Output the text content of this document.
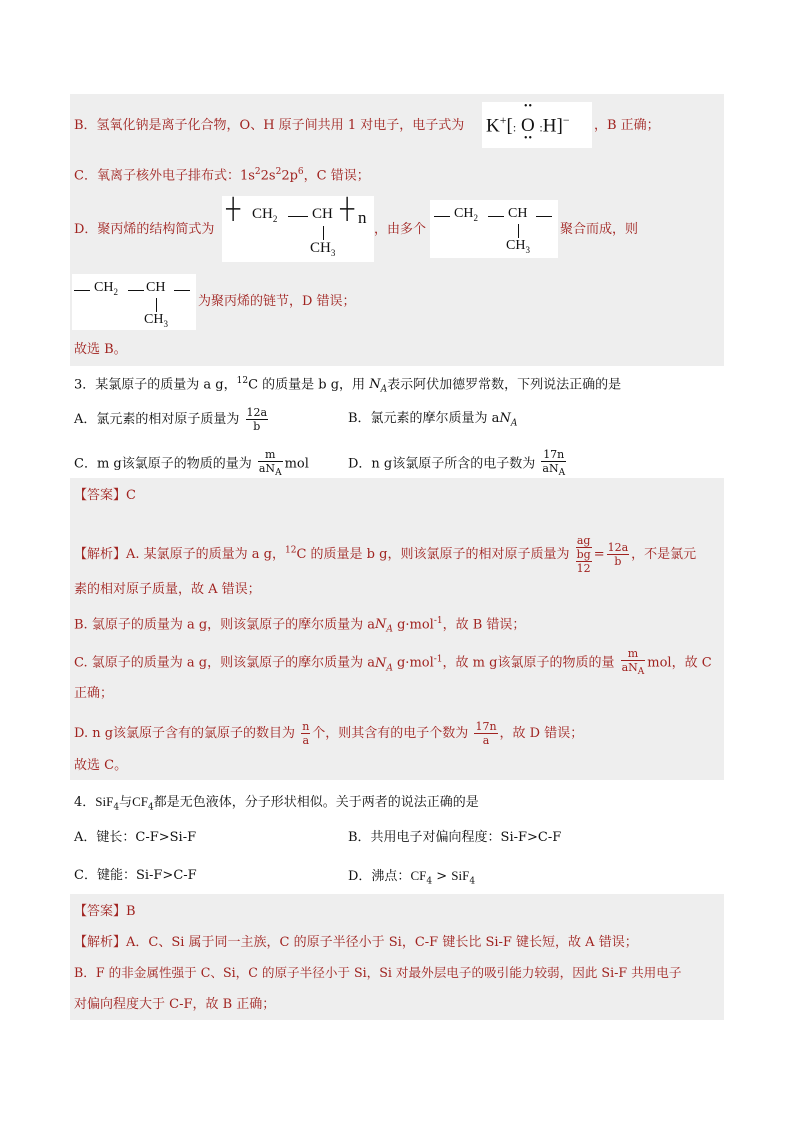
B．氢氧化钠是离子化合物，O、H 原子间共用 1 对电子，电子式为 K+[:
••
O
••
:H]− ，B 正确；
C．氧离子核外电子排布式：$1s^22s^22p^6$，C 错误；
D．聚丙烯的结构简式为
┼ $CH_2$ CH
$CH_3$
┼ n
，由多个
$CH_2$ CH
$CH_3$
聚合而成，则
$CH_2$ CH
$CH_3$
为聚丙烯的链节，D 错误；
故选 B。
3．某氯原子的质量为 a g，$^{12}$C 的质量是 b g，用 $N_A$表示阿伏加德罗常数，下列说法正确的是
A．氯元素的相对原子质量为 $\frac{12a}{b}$	B．氯元素的摩尔质量为 $aN_A$
C．m g该氯原子的物质的量为 $\frac{m}{aN_A}$ mol	D．n g该氯原子所含的电子数为 $\frac{17n}{aN_A}$
【答案】C
【解析】A. 某氯原子的质量为 a g，$^{12}$C 的质量是 b g，则该氯原子的相对原子质量为
ag
bg
12
= $\frac{12a}{b}$ ，不是氯元
素的相对原子质量，故 A 错误；
B. 氯原子的质量为 a g，则该氯原子的摩尔质量为 $aN_A$ g·mol$^{-1}$，故 B 错误；
C. 氯原子的质量为 a g，则该氯原子的摩尔质量为 $aN_A$ g·mol$^{-1}$，故 m g该氯原子的物质的量 $\frac{m}{aN_A}$ mol，故 C
正确；
D. n g该氯原子含有的氯原子的数目为 $\frac{n}{a}$ 个，则其含有的电子个数为 $\frac{17n}{a}$ ，故 D 错误；
故选 C。
4．SiF$_4$与$CF_4$都是无色液体，分子形状相似。关于两者的说法正确的是
A．键长：C-F>Si-F	B．共用电子对偏向程度：Si-F>C-F
C．键能：Si-F>C-F	D．沸点：$CF_4 > SiF_4$
【答案】B
【解析】A．C、Si 属于同一主族，C 的原子半径小于 Si，C-F 键长比 Si-F 键长短，故 A 错误；
B．F 的非金属性强于 C、Si，C 的原子半径小于 Si，Si 对最外层电子的吸引能力较弱，因此 Si-F 共用电子
对偏向程度大于 C-F，故 B 正确；
